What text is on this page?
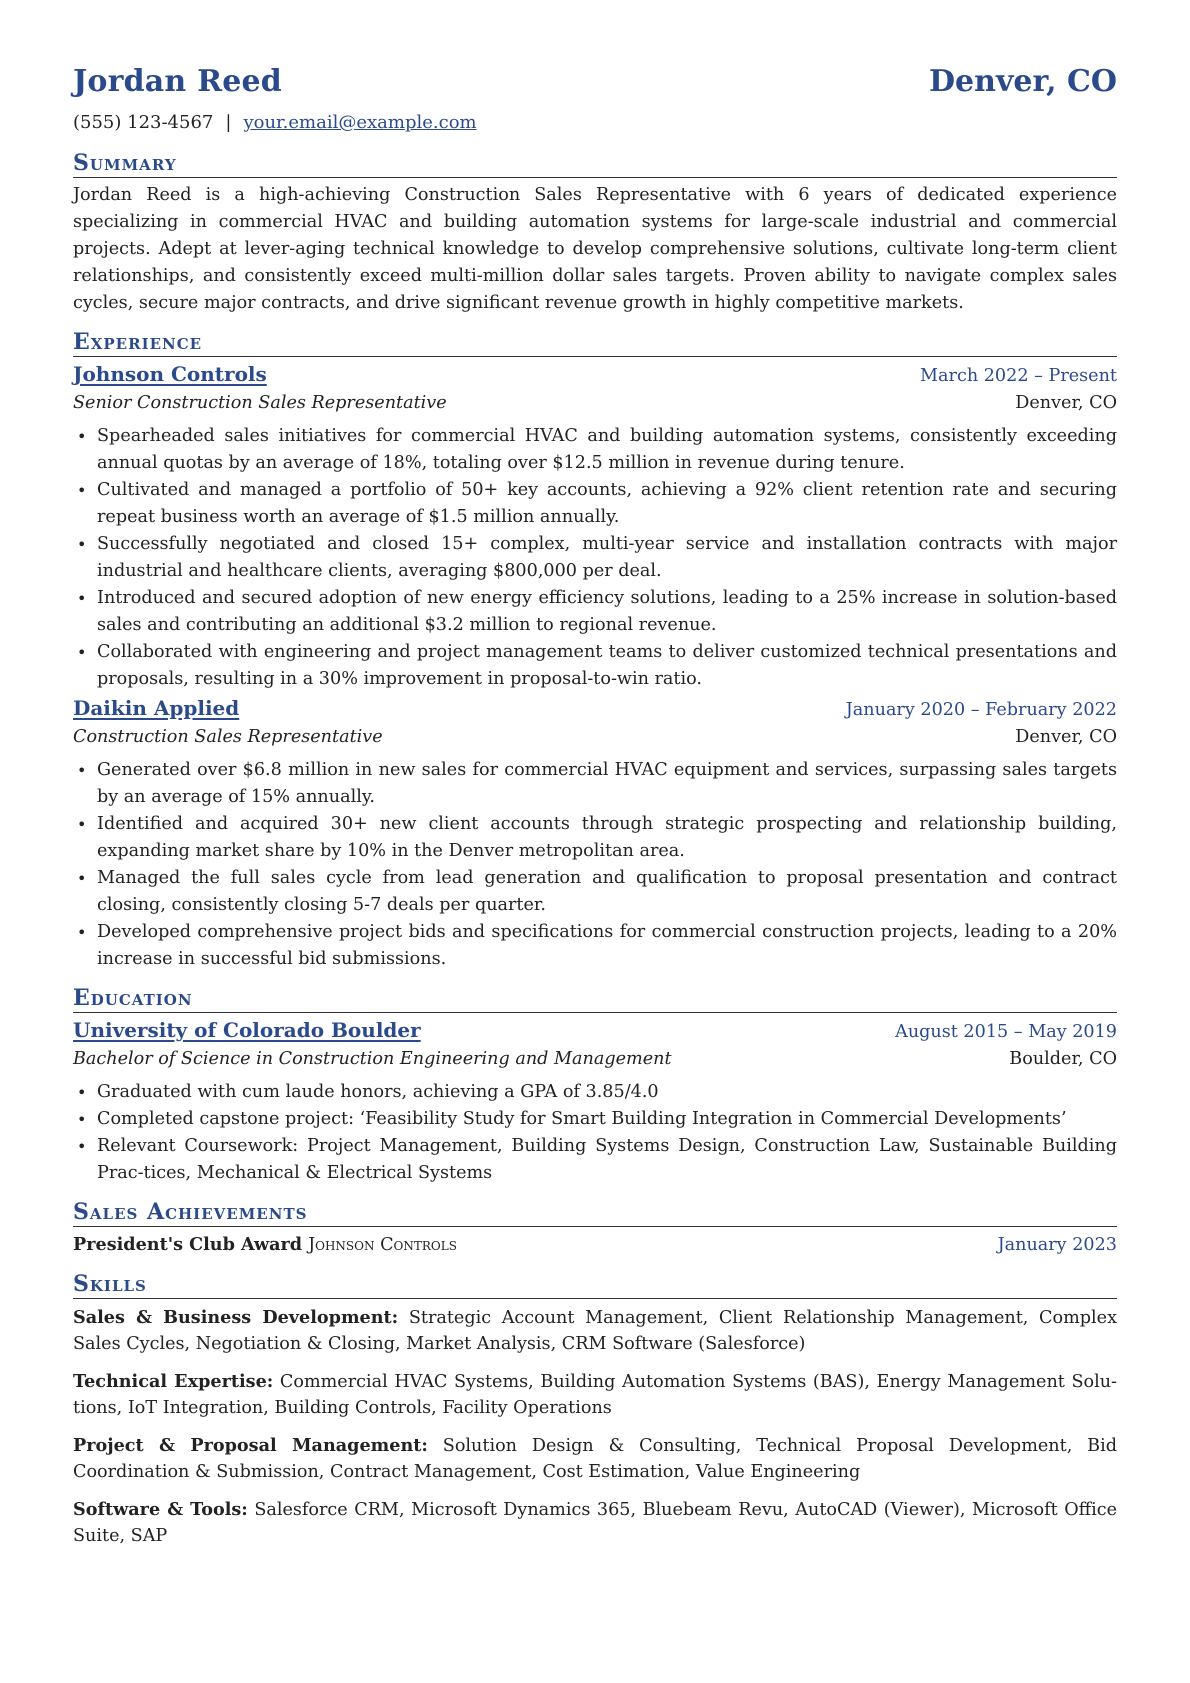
Jordan Reed	Denver, CO
(555) 123-4567 | your.email@example.com
Summary

Jordan Reed is a high-achieving Construction Sales Representative with 6 years of dedicated experience specializing in commercial HVAC and building automation systems for large-scale industrial and commercial projects. Adept at lever-aging technical knowledge to develop comprehensive solutions, cultivate long-term client relationships, and consistently exceed multi-million dollar sales targets. Proven ability to navigate complex sales cycles, secure major contracts, and drive significant revenue growth in highly competitive markets.

Experience
Johnson Controls	March 2022 – Present
Senior Construction Sales Representative	Denver, CO
• Spearheaded sales initiatives for commercial HVAC and building automation systems, consistently exceeding annual quotas by an average of 18%, totaling over $12.5 million in revenue during tenure.
• Cultivated and managed a portfolio of 50+ key accounts, achieving a 92% client retention rate and securing repeat business worth an average of $1.5 million annually.
• Successfully negotiated and closed 15+ complex, multi-year service and installation contracts with major industrial and healthcare clients, averaging $800,000 per deal.
• Introduced and secured adoption of new energy efficiency solutions, leading to a 25% increase in solution-based sales and contributing an additional $3.2 million to regional revenue.
• Collaborated with engineering and project management teams to deliver customized technical presentations and proposals, resulting in a 30% improvement in proposal-to-win ratio.
Daikin Applied	January 2020 – February 2022
Construction Sales Representative	Denver, CO
• Generated over $6.8 million in new sales for commercial HVAC equipment and services, surpassing sales targets by an average of 15% annually.
• Identified and acquired 30+ new client accounts through strategic prospecting and relationship building, expanding market share by 10% in the Denver metropolitan area.
• Managed the full sales cycle from lead generation and qualification to proposal presentation and contract closing, consistently closing 5-7 deals per quarter.
• Developed comprehensive project bids and specifications for commercial construction projects, leading to a 20% increase in successful bid submissions.
Education
University of Colorado Boulder	August 2015 – May 2019
Bachelor of Science in Construction Engineering and Management	Boulder, CO
• Graduated with cum laude honors, achieving a GPA of 3.85/4.0
• Completed capstone project: ‘Feasibility Study for Smart Building Integration in Commercial Developments’
• Relevant Coursework: Project Management, Building Systems Design, Construction Law, Sustainable Building Prac-tices, Mechanical & Electrical Systems
Sales Achievements
President's Club Award Johnson Controls	January 2023
Skills

Sales & Business Development: Strategic Account Management, Client Relationship Management, Complex Sales Cycles, Negotiation & Closing, Market Analysis, CRM Software (Salesforce)

Technical Expertise: Commercial HVAC Systems, Building Automation Systems (BAS), Energy Management Solu-tions, IoT Integration, Building Controls, Facility Operations

Project & Proposal Management: Solution Design & Consulting, Technical Proposal Development, Bid Coordination & Submission, Contract Management, Cost Estimation, Value Engineering

Software & Tools: Salesforce CRM, Microsoft Dynamics 365, Bluebeam Revu, AutoCAD (Viewer), Microsoft Office Suite, SAP
